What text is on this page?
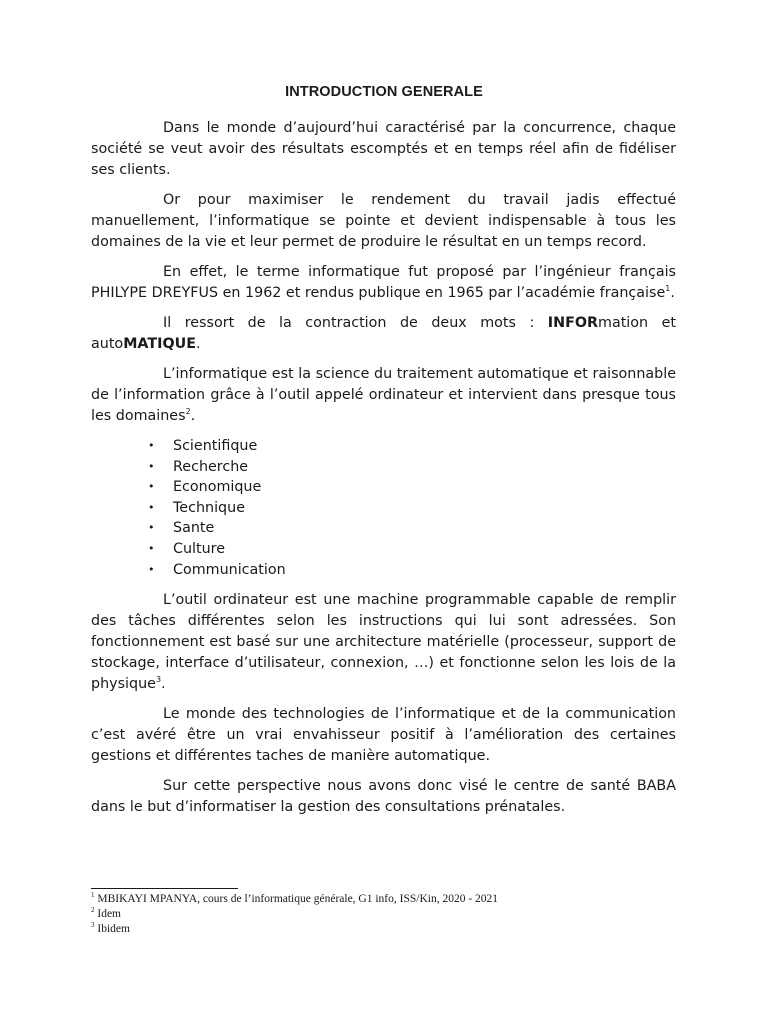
INTRODUCTION GENERALE

Dans le monde d’aujourd’hui caractérisé par la concurrence, chaque société se veut avoir des résultats escomptés et en temps réel afin de fidéliser ses clients.

Or pour maximiser le rendement du travail jadis effectué manuellement, l’informatique se pointe et devient indispensable à tous les domaines de la vie et leur permet de produire le résultat en un temps record.

En effet, le terme informatique fut proposé par l’ingénieur français PHILYPE DREYFUS en 1962 et rendus publique en 1965 par l’académie française$^1$.

Il ressort de la contraction de deux mots : INFORmation et autoMATIQUE.

L’informatique est la science du traitement automatique et raisonnable de l’information grâce à l’outil appelé ordinateur et intervient dans presque tous les domaines$^2$.

• Scientifique
• Recherche
• Economique
• Technique
• Sante
• Culture
• Communication

L’outil ordinateur est une machine programmable capable de remplir des tâches différentes selon les instructions qui lui sont adressées. Son fonctionnement est basé sur une architecture matérielle (processeur, support de stockage, interface d’utilisateur, connexion, …) et fonctionne selon les lois de la physique$^3$.

Le monde des technologies de l’informatique et de la communication c’est avéré être un vrai envahisseur positif à l’amélioration des certaines gestions et différentes taches de manière automatique.

Sur cette perspective nous avons donc visé le centre de santé BABA dans le but d’informatiser la gestion des consultations prénatales.

$^1$ MBIKAYI MPANYA, cours de l’informatique générale, G1 info, ISS/Kin, 2020 - 2021
$^2$ Idem
$^3$ Ibidem
